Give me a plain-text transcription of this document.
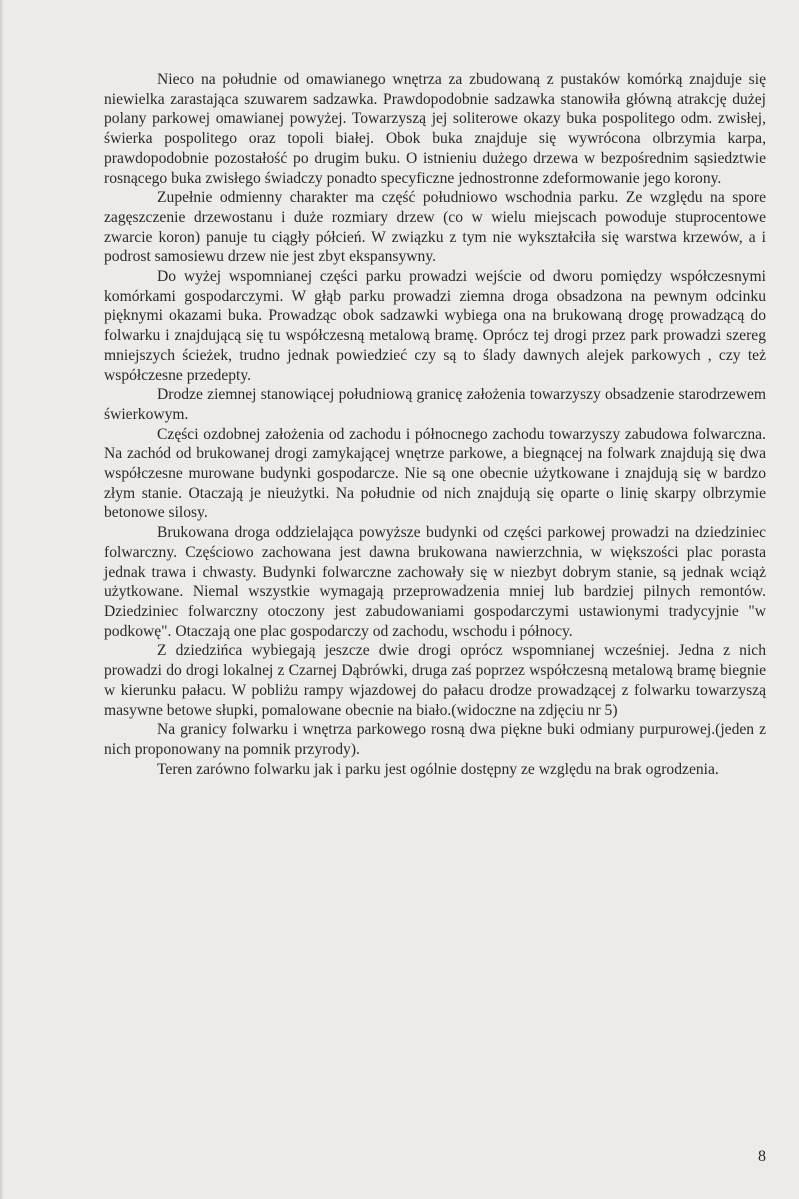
Nieco na południe od omawianego wnętrza za zbudowaną z pustaków komórką znajduje się niewielka zarastająca szuwarem sadzawka. Prawdopodobnie sadzawka stanowiła główną atrakcję dużej polany parkowej omawianej powyżej. Towarzyszą jej soliterowe okazy buka pospolitego odm. zwisłej, świerka pospolitego oraz topoli białej. Obok buka znajduje się wywrócona olbrzymia karpa, prawdopodobnie pozostałość po drugim buku. O istnieniu dużego drzewa w bezpośrednim sąsiedztwie rosnącego buka zwisłego świadczy ponadto specyficzne jednostronne zdeformowanie jego korony.

Zupełnie odmienny charakter ma część południowo wschodnia parku. Ze względu na spore zagęszczenie drzewostanu i duże rozmiary drzew (co w wielu miejscach powoduje stuprocentowe zwarcie koron) panuje tu ciągły półcień. W związku z tym nie wykształciła się warstwa krzewów, a i podrost samosiewu drzew nie jest zbyt ekspansywny.

Do wyżej wspomnianej części parku prowadzi wejście od dworu pomiędzy współczesnymi komórkami gospodarczymi. W głąb parku prowadzi ziemna droga obsadzona na pewnym odcinku pięknymi okazami buka. Prowadząc obok sadzawki wybiega ona na brukowaną drogę prowadzącą do folwarku i znajdującą się tu współczesną metalową bramę. Oprócz tej drogi przez park prowadzi szereg mniejszych ścieżek, trudno jednak powiedzieć czy są to ślady dawnych alejek parkowych , czy też współczesne przedepty.

Drodze ziemnej stanowiącej południową granicę założenia towarzyszy obsadzenie starodrzewem świerkowym.

Części ozdobnej założenia od zachodu i północnego zachodu towarzyszy zabudowa folwarczna. Na zachód od brukowanej drogi zamykającej wnętrze parkowe, a biegnącej na folwark znajdują się dwa współczesne murowane budynki gospodarcze. Nie są one obecnie użytkowane i znajdują się w bardzo złym stanie. Otaczają je nieużytki. Na południe od nich znajdują się oparte o linię skarpy olbrzymie betonowe silosy.

Brukowana droga oddzielająca powyższe budynki od części parkowej prowadzi na dziedziniec folwarczny. Częściowo zachowana jest dawna brukowana nawierzchnia, w większości plac porasta jednak trawa i chwasty. Budynki folwarczne zachowały się w niezbyt dobrym stanie, są jednak wciąż użytkowane. Niemal wszystkie wymagają przeprowadzenia mniej lub bardziej pilnych remontów. Dziedziniec folwarczny otoczony jest zabudowaniami gospodarczymi ustawionymi tradycyjnie "w podkowę". Otaczają one plac gospodarczy od zachodu, wschodu i północy.

Z dziedzińca wybiegają jeszcze dwie drogi oprócz wspomnianej wcześniej. Jedna z nich prowadzi do drogi lokalnej z Czarnej Dąbrówki, druga zaś poprzez współczesną metalową bramę biegnie w kierunku pałacu. W pobliżu rampy wjazdowej do pałacu drodze prowadzącej z folwarku towarzyszą masywne betowe słupki, pomalowane obecnie na biało.(widoczne na zdjęciu nr 5)

Na granicy folwarku i wnętrza parkowego rosną dwa piękne buki odmiany purpurowej.(jeden z nich proponowany na pomnik przyrody).

Teren zarówno folwarku jak i parku jest ogólnie dostępny ze względu na brak ogrodzenia.

8
